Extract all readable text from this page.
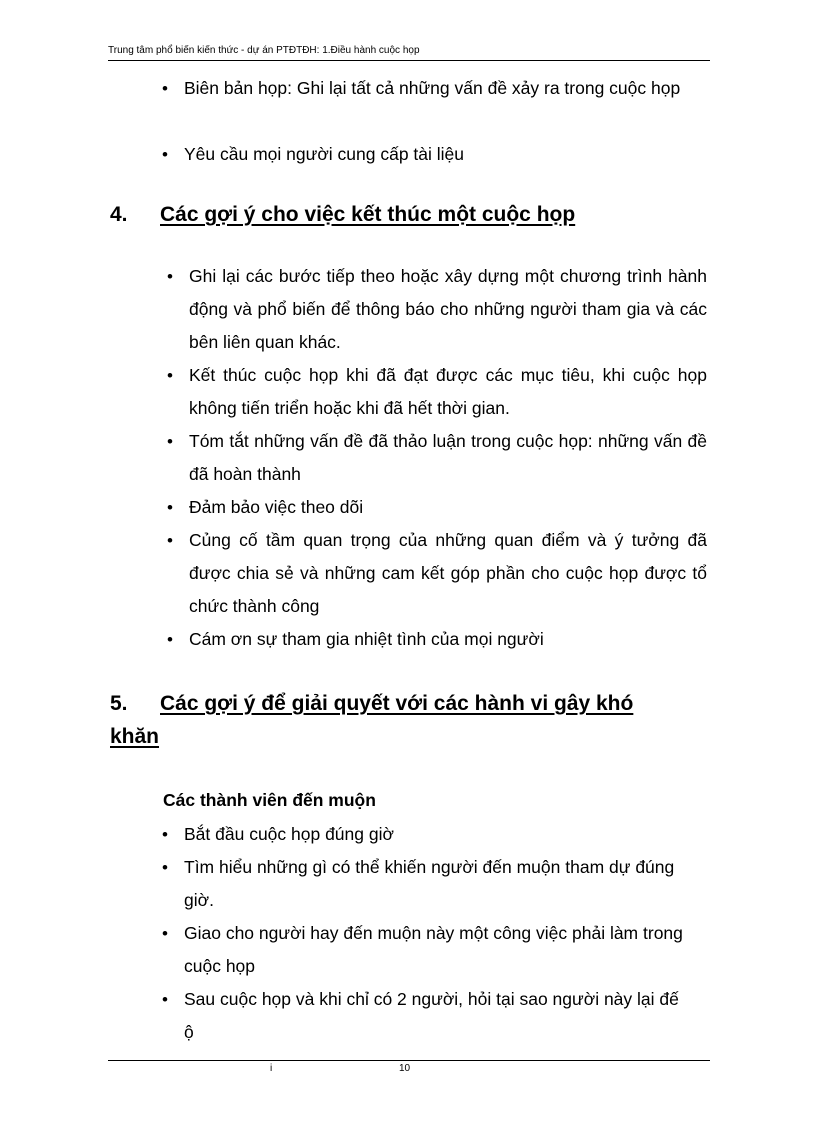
Trung tâm phổ biến kiến thức - dự án PTĐTĐH: 1.Điều hành cuộc họp
• Biên bản họp: Ghi lại tất cả những vấn đề xảy ra trong cuộc họp
• Yêu cầu mọi người cung cấp tài liệu
4. Các gợi ý cho việc kết thúc một cuộc họp
• Ghi lại các bước tiếp theo hoặc xây dựng một chương trình hành động và phổ biến để thông báo cho những người tham gia và các bên liên quan khác.
• Kết thúc cuộc họp khi đã đạt được các mục tiêu, khi cuộc họp không tiến triển hoặc khi đã hết thời gian.
• Tóm tắt những vấn đề đã thảo luận trong cuộc họp: những vấn đề đã hoàn thành
• Đảm bảo việc theo dõi
• Củng cố tầm quan trọng của những quan điểm và ý tưởng đã được chia sẻ và những cam kết góp phần cho cuộc họp được tổ chức thành công
• Cám ơn sự tham gia nhiệt tình của mọi người
5. Các gợi ý để giải quyết với các hành vi gây khó
khăn
Các thành viên đến muộn
• Bắt đầu cuộc họp đúng giờ
• Tìm hiểu những gì có thể khiến người đến muộn tham dự đúng giờ.
• Giao cho người hay đến muộn này một công việc phải làm trong cuộc họp
• Sau cuộc họp và khi chỉ có 2 người, hỏi tại sao người này lại đế      ộ
i	10
